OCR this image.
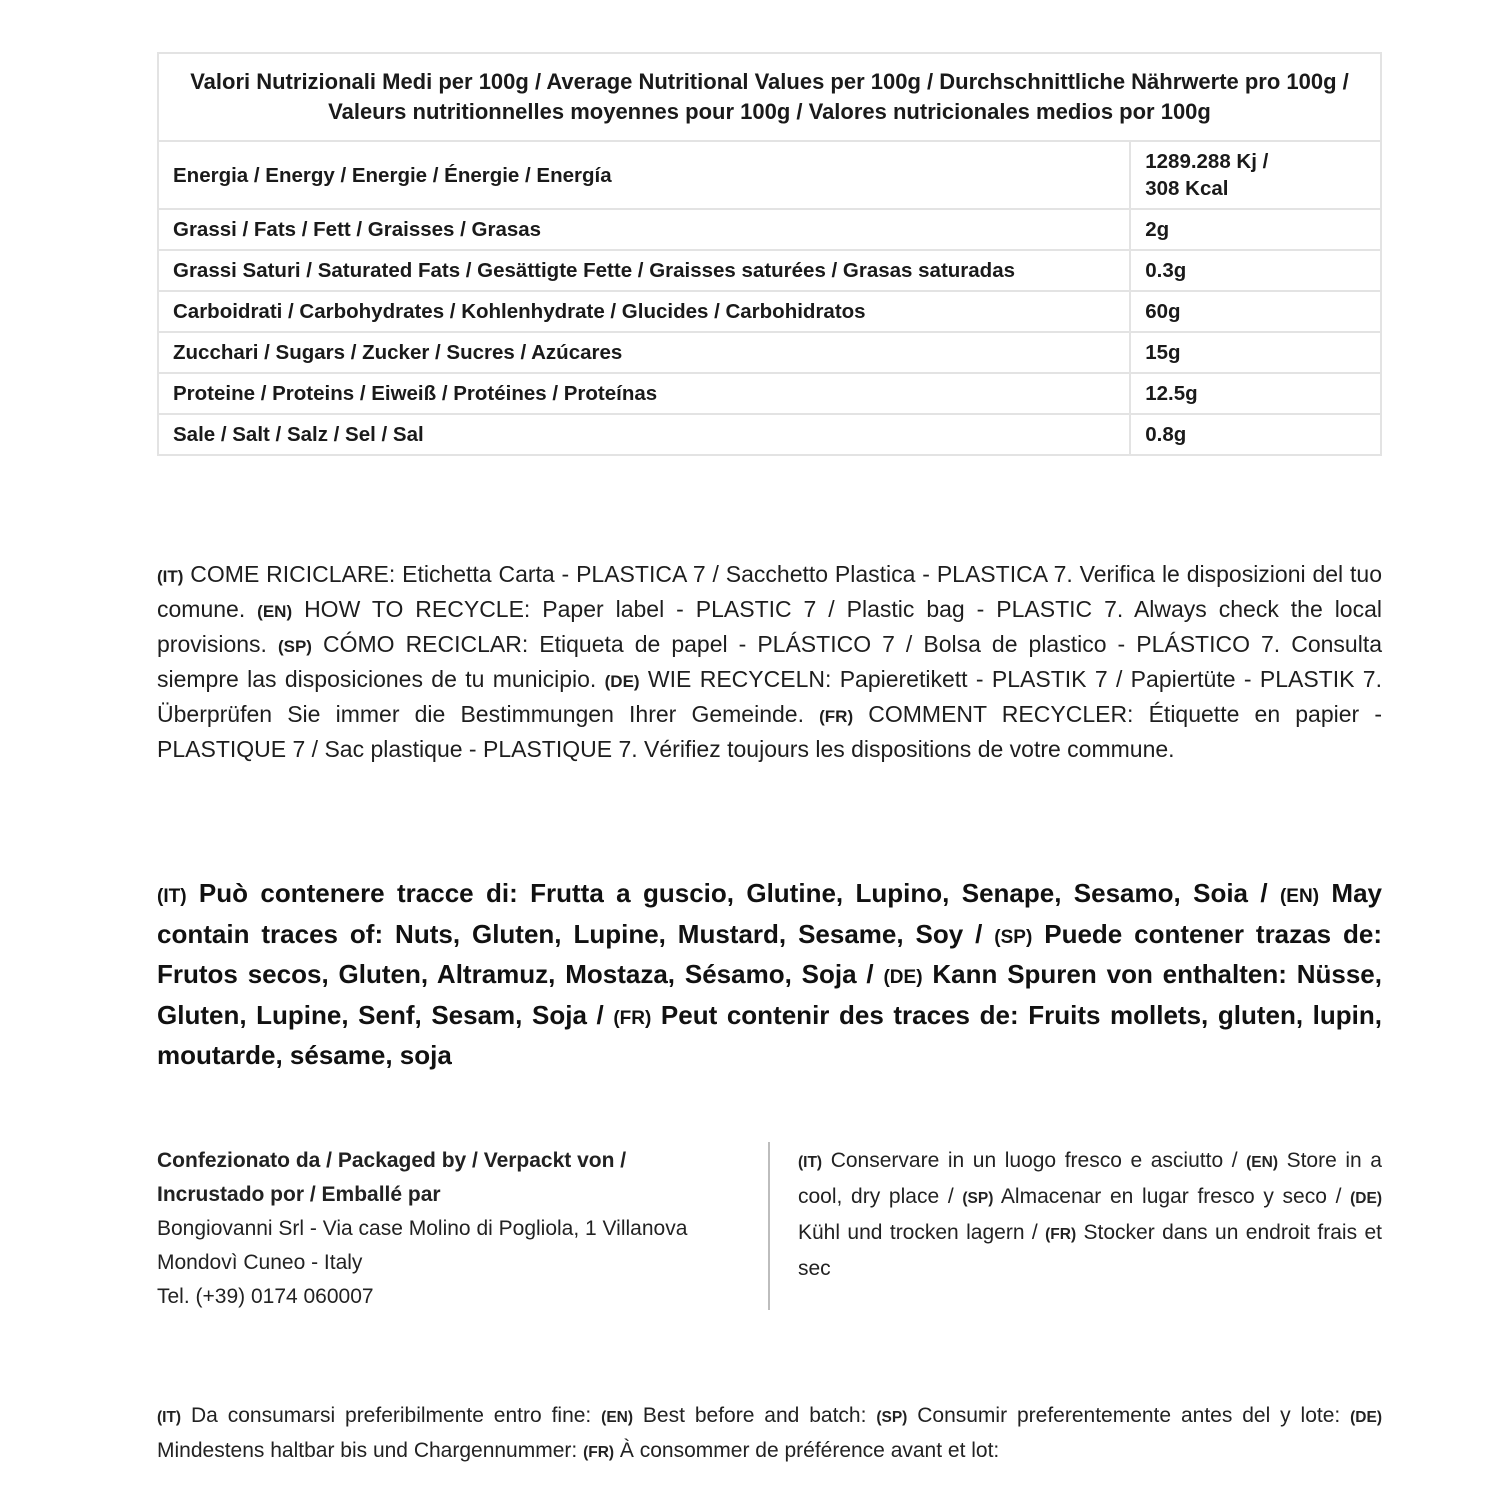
Valori Nutrizionali Medi per 100g / Average Nutritional Values per 100g / Durchschnittliche Nährwerte pro 100g / Valeurs nutritionnelles moyennes pour 100g / Valores nutricionales medios por 100g	
Energia / Energy / Energie / Énergie / Energía	1289.288 Kj /
308 Kcal
Grassi / Fats / Fett / Graisses / Grasas	2g
Grassi Saturi / Saturated Fats / Gesättigte Fette / Graisses saturées / Grasas saturadas	0.3g
Carboidrati / Carbohydrates / Kohlenhydrate / Glucides / Carbohidratos	60g
Zucchari / Sugars / Zucker / Sucres / Azúcares	15g
Proteine / Proteins / Eiweiß / Protéines / Proteínas	12.5g
Sale / Salt / Salz / Sel / Sal	0.8g

(IT) COME RICICLARE: Etichetta Carta - PLASTICA 7 / Sacchetto Plastica - PLASTICA 7. Verifica le disposizioni del tuo comune. (EN) HOW TO RECYCLE: Paper label - PLASTIC 7 / Plastic bag - PLASTIC 7. Always check the local provisions. (SP) CÓMO RECICLAR: Etiqueta de papel - PLÁSTICO 7 / Bolsa de plastico - PLÁSTICO 7. Consulta siempre las disposiciones de tu municipio. (DE) WIE RECYCELN: Papieretikett - PLASTIK 7 / Papiertüte - PLASTIK 7. Überprüfen Sie immer die Bestimmungen Ihrer Gemeinde. (FR) COMMENT RECYCLER: Étiquette en papier - PLASTIQUE 7 / Sac plastique - PLASTIQUE 7. Vérifiez toujours les dispositions de votre commune.

(IT) Può contenere tracce di: Frutta a guscio, Glutine, Lupino, Senape, Sesamo, Soia / (EN) May contain traces of: Nuts, Gluten, Lupine, Mustard, Sesame, Soy / (SP) Puede contener trazas de: Frutos secos, Gluten, Altramuz, Mostaza, Sésamo, Soja / (DE) Kann Spuren von enthalten: Nüsse, Gluten, Lupine, Senf, Sesam, Soja / (FR) Peut contenir des traces de: Fruits mollets, gluten, lupin, moutarde, sésame, soja

Confezionato da / Packaged by / Verpackt von / Incrustado por / Emballé par
Bongiovanni Srl - Via case Molino di Pogliola, 1 Villanova Mondovì Cuneo - Italy
Tel. (+39) 0174 060007

(IT) Conservare in un luogo fresco e asciutto / (EN) Store in a cool, dry place / (SP) Almacenar en lugar fresco y seco / (DE) Kühl und trocken lagern / (FR) Stocker dans un endroit frais et sec

(IT) Da consumarsi preferibilmente entro fine: (EN) Best before and batch: (SP) Consumir preferentemente antes del y lote: (DE) Mindestens haltbar bis und Chargennummer: (FR) À consommer de préférence avant et lot:
